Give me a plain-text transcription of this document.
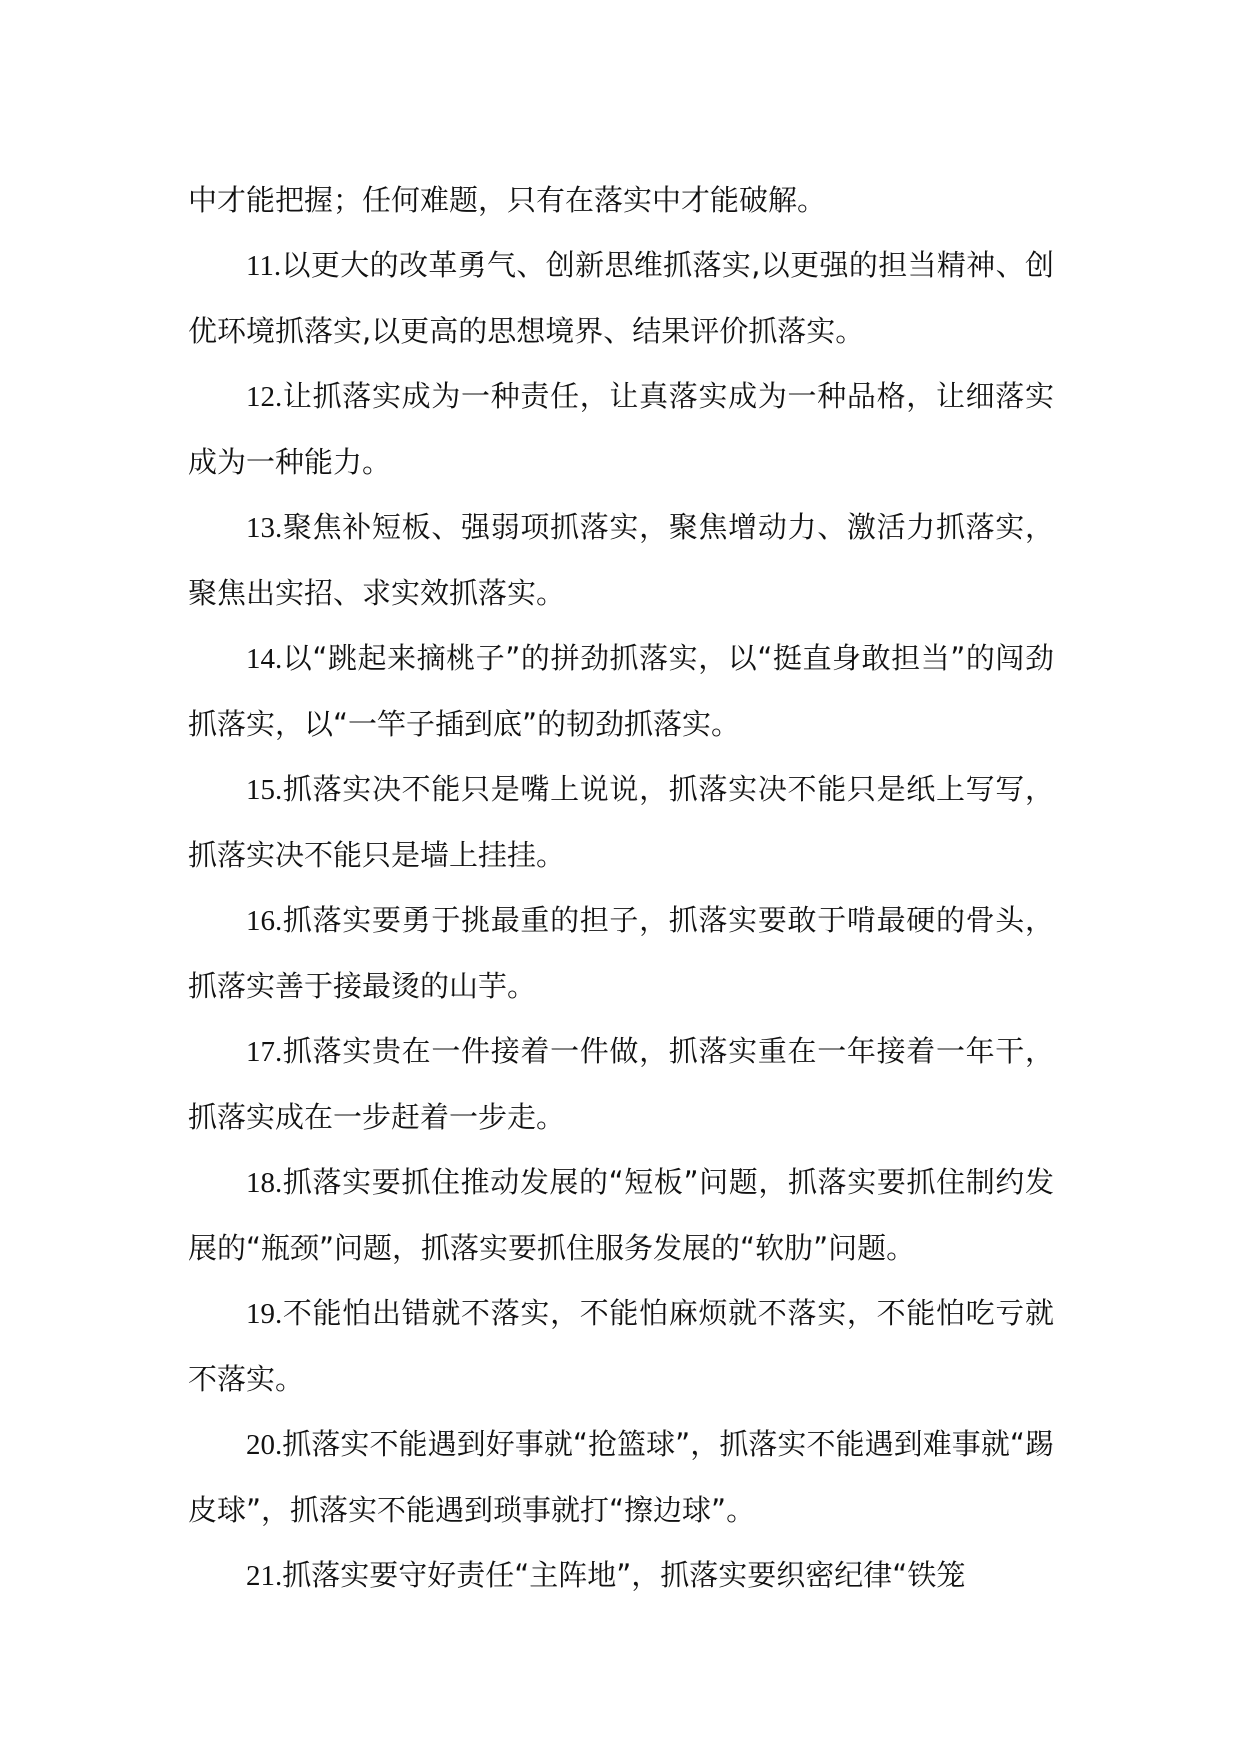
中才能把握；任何难题，只有在落实中才能破解。

11.以更大的改革勇气、创新思维抓落实,以更强的担当精神、创优环境抓落实,以更高的思想境界、结果评价抓落实。

12.让抓落实成为一种责任，让真落实成为一种品格，让细落实成为一种能力。

13.聚焦补短板、强弱项抓落实，聚焦增动力、激活力抓落实，聚焦出实招、求实效抓落实。

14.以“跳起来摘桃子”的拼劲抓落实，以“挺直身敢担当”的闯劲抓落实，以“一竿子插到底”的韧劲抓落实。

15.抓落实决不能只是嘴上说说，抓落实决不能只是纸上写写，抓落实决不能只是墙上挂挂。

16.抓落实要勇于挑最重的担子，抓落实要敢于啃最硬的骨头，抓落实善于接最烫的山芋。

17.抓落实贵在一件接着一件做，抓落实重在一年接着一年干，抓落实成在一步赶着一步走。

18.抓落实要抓住推动发展的“短板”问题，抓落实要抓住制约发展的“瓶颈”问题，抓落实要抓住服务发展的“软肋”问题。

19.不能怕出错就不落实，不能怕麻烦就不落实，不能怕吃亏就不落实。

20.抓落实不能遇到好事就“抢篮球”，抓落实不能遇到难事就“踢皮球”，抓落实不能遇到琐事就打“擦边球”。

21.抓落实要守好责任“主阵地”，抓落实要织密纪律“铁笼
